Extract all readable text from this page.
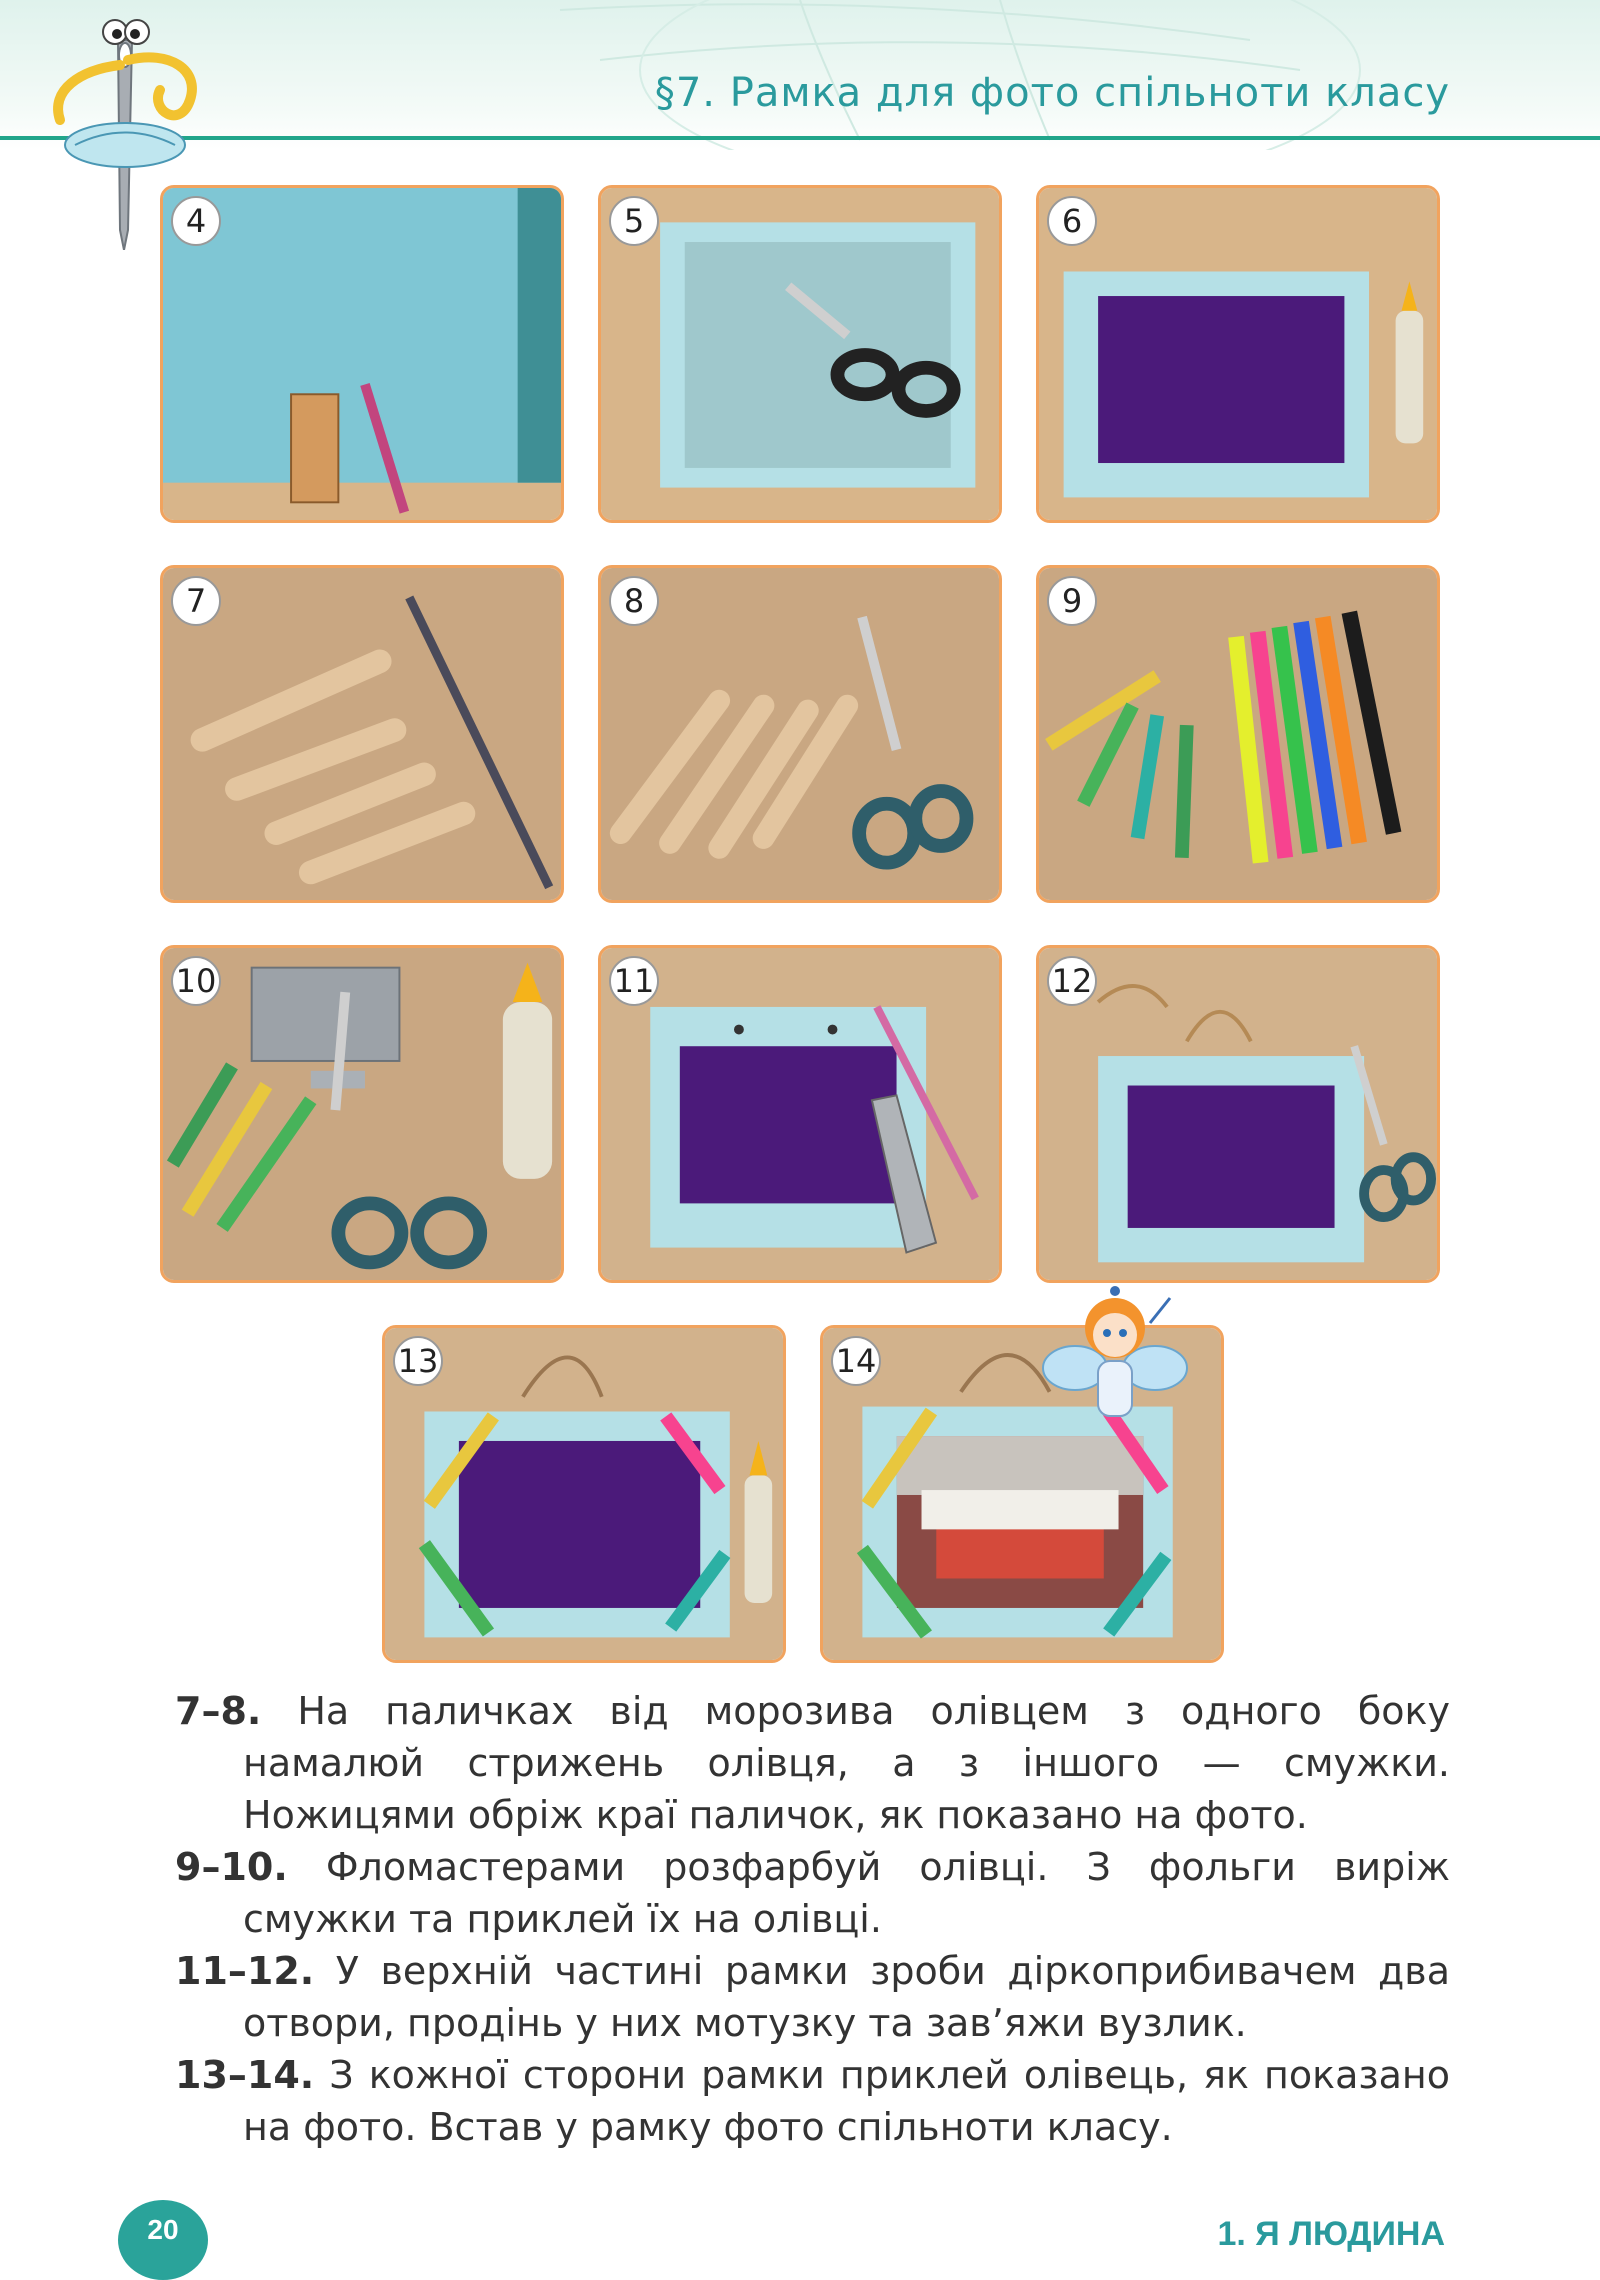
§7. Рамка для фото спільноти класу
4	5	6
7	8	9
10	11	12
13	14

7–8. На паличках від морозива олівцем з одного боку намалюй стрижень олівця, а з іншого — смужки. Ножицями обріж краї паличок, як показано на фото.

9–10. Фломастерами розфарбуй олівці. З фольги виріж смужки та приклей їх на олівці.

11–12. У верхній частині рамки зроби діркоприбивачем два отвори, продінь у них мотузку та зав’яжи вузлик.

13–14. З кожної сторони рамки приклей олівець, як показано на фото. Встав у рамку фото спільноти класу.

20	1. Я ЛЮДИНА
